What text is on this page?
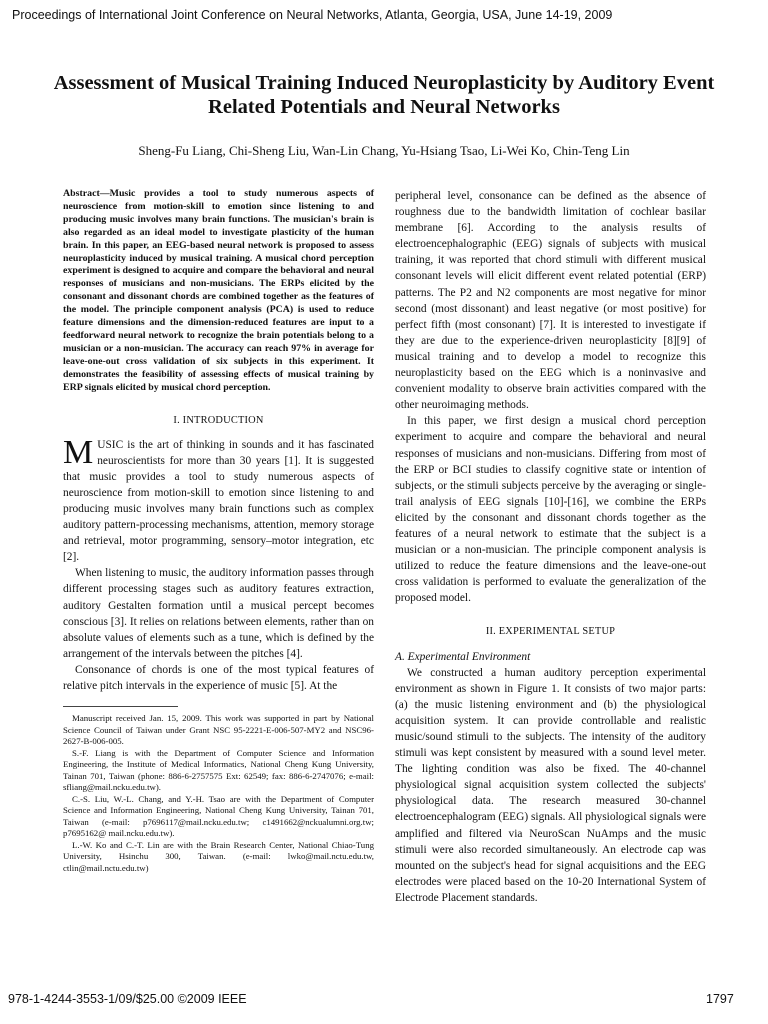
Proceedings of International Joint Conference on Neural Networks, Atlanta, Georgia, USA, June 14-19, 2009
Assessment of Musical Training Induced Neuroplasticity by Auditory Event Related Potentials and Neural Networks
Sheng-Fu Liang, Chi-Sheng Liu, Wan-Lin Chang, Yu-Hsiang Tsao, Li-Wei Ko, Chin-Teng Lin

Abstract—Music provides a tool to study numerous aspects of neuroscience from motion-skill to emotion since listening to and producing music involves many brain functions. The musician's brain is also regarded as an ideal model to investigate plasticity of the human brain. In this paper, an EEG-based neural network is proposed to assess neuroplasticity induced by musical training. A musical chord perception experiment is designed to acquire and compare the behavioral and neural responses of musicians and non-musicians. The ERPs elicited by the consonant and dissonant chords are combined together as the features of the model. The principle component analysis (PCA) is used to reduce feature dimensions and the dimension-reduced features are input to a feedforward neural network to recognize the brain potentials belong to a musician or a non-musician. The accuracy can reach 97% in average for leave-one-out cross validation of six subjects in this experiment. It demonstrates the feasibility of assessing effects of musical training by ERP signals elicited by musical chord perception.

I. INTRODUCTION

MUSIC is the art of thinking in sounds and it has fascinated neuroscientists for more than 30 years [1]. It is suggested that music provides a tool to study numerous aspects of neuroscience from motion-skill to emotion since listening to and producing music involves many brain functions such as complex auditory pattern-processing mechanisms, attention, memory storage and retrieval, motor programming, sensory–motor integration, etc [2].

When listening to music, the auditory information passes through different processing stages such as auditory features extraction, auditory Gestalten formation until a musical percept becomes conscious [3]. It relies on relations between elements, rather than on absolute values of elements such as a tune, which is defined by the arrangement of the intervals between the pitches [4].

Consonance of chords is one of the most typical features of relative pitch intervals in the experience of music [5]. At the

Manuscript received Jan. 15, 2009. This work was supported in part by National Science Council of Taiwan under Grant NSC 95-2221-E-006-507-MY2 and NSC96-2627-B-006-005.

S.-F. Liang is with the Department of Computer Science and Information Engineering, the Institute of Medical Informatics, National Cheng Kung University, Tainan 701, Taiwan (phone: 886-6-2757575 Ext: 62549; fax: 886-6-2747076; e-mail: sfliang@mail.ncku.edu.tw).

C.-S. Liu, W.-L. Chang, and Y.-H. Tsao are with the Department of Computer Science and Information Engineering, National Cheng Kung University, Tainan 701, Taiwan (e-mail: p7696117@mail.ncku.edu.tw; c1491662@nckualumni.org.tw; p7695162@ mail.ncku.edu.tw).

L.-W. Ko and C.-T. Lin are with the Brain Research Center, National Chiao-Tung University, Hsinchu 300, Taiwan. (e-mail: lwko@mail.nctu.edu.tw, ctlin@mail.nctu.edu.tw)

peripheral level, consonance can be defined as the absence of roughness due to the bandwidth limitation of cochlear basilar membrane [6]. According to the analysis results of electroencephalographic (EEG) signals of subjects with musical training, it was reported that chord stimuli with different musical consonant levels will elicit different event related potential (ERP) patterns. The P2 and N2 components are most negative for minor second (most dissonant) and least negative (or most positive) for perfect fifth (most consonant) [7]. It is interested to investigate if they are due to the experience-driven neuroplasticity [8][9] of musical training and to develop a model to recognize this neuroplasticity based on the EEG which is a noninvasive and convenient modality to observe brain activities compared with the other neuroimaging methods.

In this paper, we first design a musical chord perception experiment to acquire and compare the behavioral and neural responses of musicians and non-musicians. Differing from most of the ERP or BCI studies to classify cognitive state or intention of subjects, or the stimuli subjects perceive by the averaging or single-trail analysis of EEG signals [10]-[16], we combine the ERPs elicited by the consonant and dissonant chords together as the features of a neural network to estimate that the subject is a musician or a non-musician. The principle component analysis is utilized to reduce the feature dimensions and the leave-one-out cross validation is performed to evaluate the generalization of the proposed model.

II. EXPERIMENTAL SETUP

A. Experimental Environment

We constructed a human auditory perception experimental environment as shown in Figure 1. It consists of two major parts: (a) the music listening environment and (b) the physiological acquisition system. It can provide controllable and realistic music/sound stimuli to the subjects. The intensity of the auditory stimuli was kept consistent by measured with a sound level meter. The lighting condition was also be fixed. The 40-channel physiological signal acquisition system collected the subjects' physiological data. The research measured 30-channel electroencephalogram (EEG) signals. All physiological signals were amplified and filtered via NeuroScan NuAmps and the music stimuli were also recorded simultaneously. An electrode cap was mounted on the subject's head for signal acquisitions and the EEG electrodes were placed based on the 10-20 International System of Electrode Placement standards.

978-1-4244-3553-1/09/$25.00 ©2009 IEEE	1797
